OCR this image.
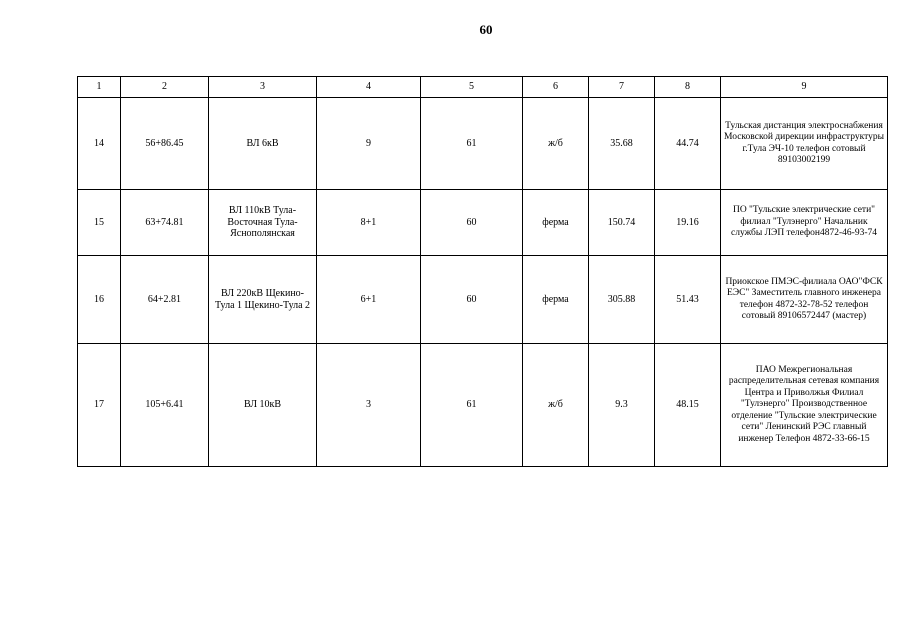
60
1	2	3	4	5	6	7	8	9
14	56+86.45	ВЛ 6кВ	9	61	ж/б	35.68	44.74	Тульская дистанция электроснабжения Московской дирекции инфраструктуры г.Тула ЭЧ-10 телефон сотовый 89103002199
15	63+74.81	ВЛ 110кВ Тула-Восточная Тула-Яснополянская	8+1	60	ферма	150.74	19.16	ПО "Тульские электрические сети" филиал "Тулэнерго" Начальник службы ЛЭП телефон4872-46-93-74
16	64+2.81	ВЛ 220кВ Щекино-Тула 1 Щекино-Тула 2	6+1	60	ферма	305.88	51.43	Приокское ПМЭС-филиала ОАО"ФСК ЕЭС" Заместитель главного инженера телефон 4872-32-78-52 телефон сотовый 89106572447 (мастер)
17	105+6.41	ВЛ 10кВ	3	61	ж/б	9.3	48.15	ПАО Межрегиональная распределительная сетевая компания Центра и Приволжья Филиал "Тулэнерго" Производственное отделение "Тульские электрические сети" Ленинский РЭС главный инженер Телефон 4872-33-66-15
